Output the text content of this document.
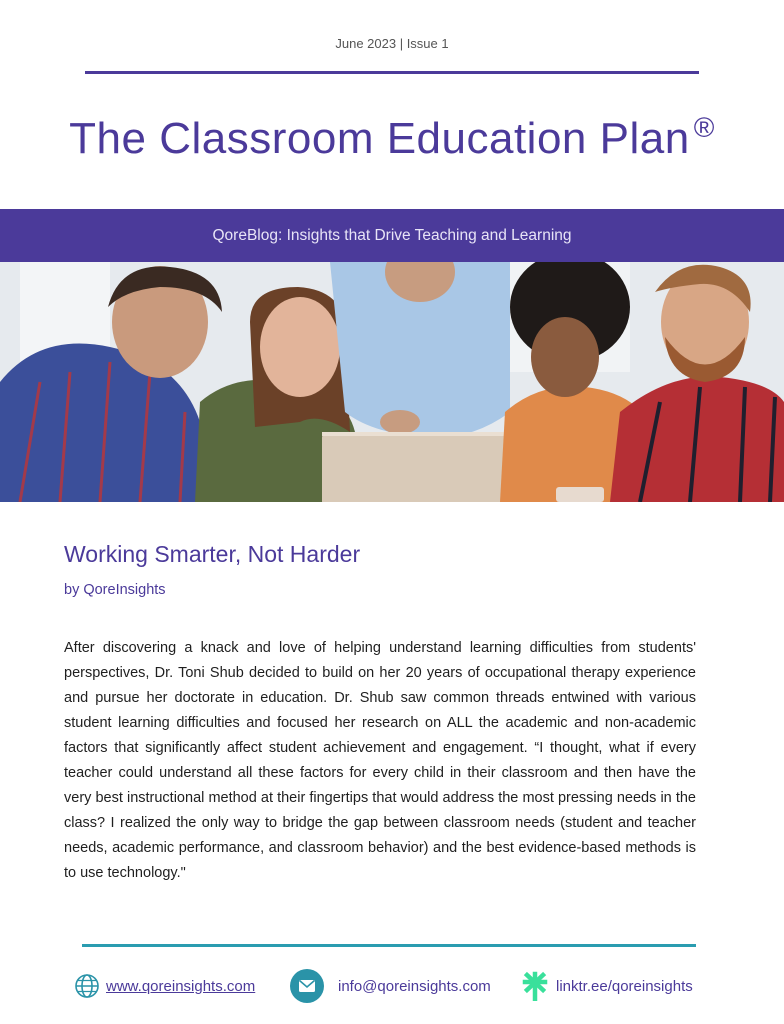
June 2023 | Issue 1
The Classroom Education Plan ®
QoreBlog: Insights that Drive Teaching and Learning
Working Smarter, Not Harder
by QoreInsights

After discovering a knack and love of helping understand learning difficulties from students' perspectives, Dr. Toni Shub decided to build on her 20 years of occupational therapy experience and pursue her doctorate in education. Dr. Shub saw common threads entwined with various student learning difficulties and focused her research on ALL the academic and non-academic factors that significantly affect student achievement and engagement. “I thought, what if every teacher could understand all these factors for every child in their classroom and then have the very best instructional method at their fingertips that would address the most pressing needs in the class? I realized the only way to bridge the gap between classroom needs (student and teacher needs, academic performance, and classroom behavior) and the best evidence-based methods is to use technology."

www.qoreinsights.com	info@qoreinsights.com	linktr.ee/qoreinsights
